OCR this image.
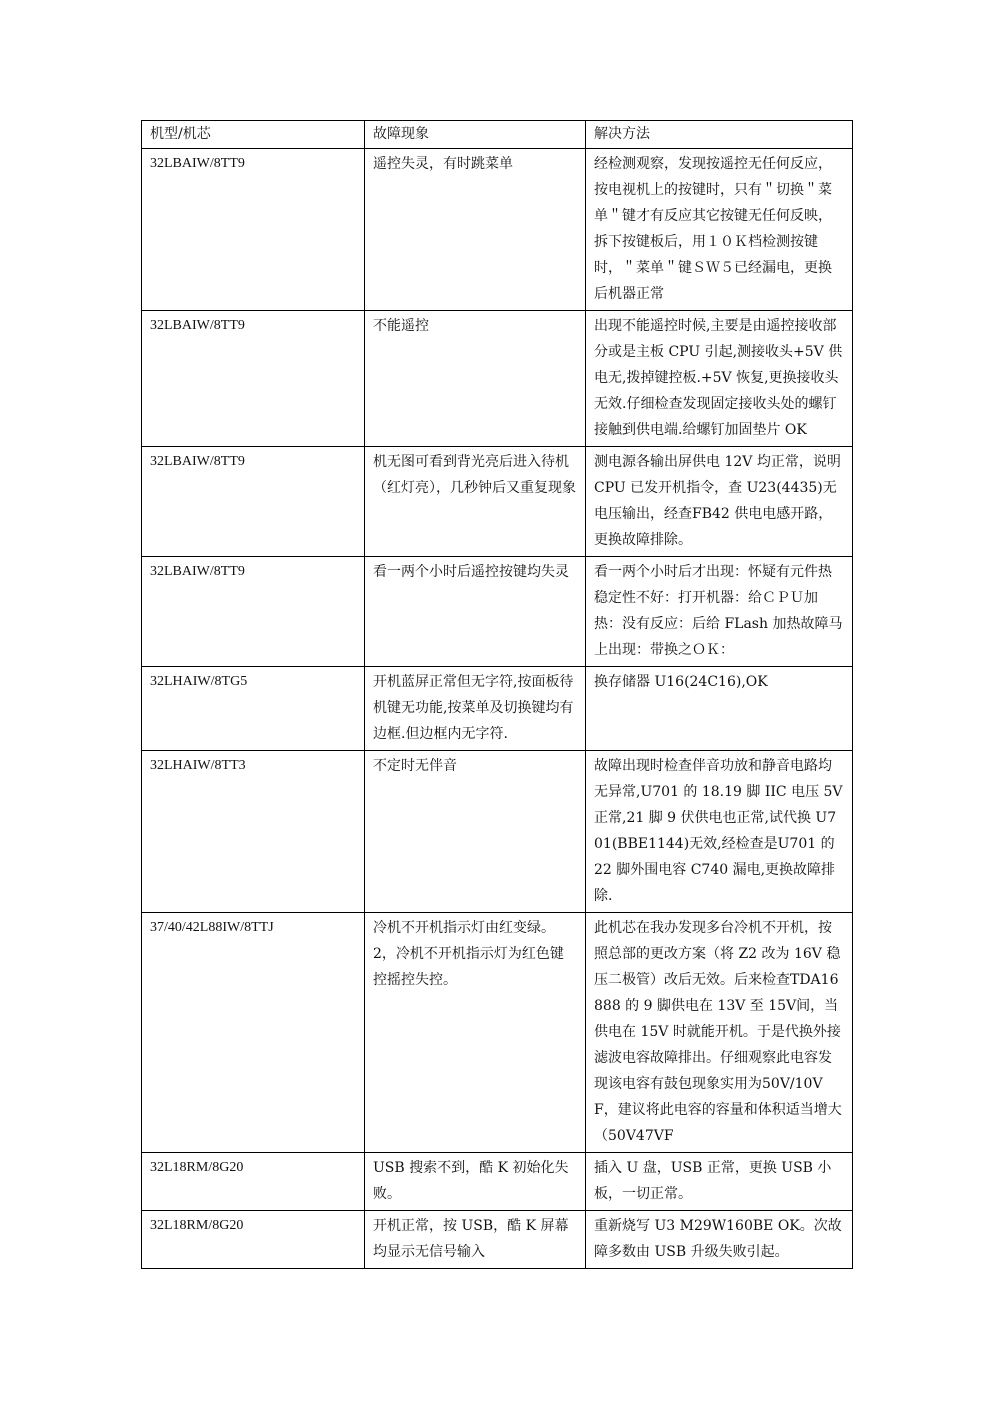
机型/机芯	故障现象	解决方法
32LBAIW/8TT9	遥控失灵，有时跳菜单	经检测观察，发现按遥控无任何反应，按电视机上的按键时，只有＂切换＂菜单＂键才有反应其它按键无任何反映，拆下按键板后，用１０Ｋ档检测按键时，＂菜单＂键ＳＷ５已经漏电，更换后机器正常
32LBAIW/8TT9	不能遥控	出现不能遥控时候,主要是由遥控接收部分或是主板 CPU 引起,测接收头+5V 供电无,拨掉键控板.+5V 恢复,更换接收头无效.仔细检查发现固定接收头处的螺钉接触到供电端.给螺钉加固垫片 OK
32LBAIW/8TT9	机无图可看到背光亮后进入待机（红灯亮），几秒钟后又重复现象	测电源各输出屏供电 12V 均正常，说明 CPU 已发开机指令，查 U23(4435)无电压输出，经查FB42 供电电感开路，更换故障排除。
32LBAIW/8TT9	看一两个小时后遥控按键均失灵	看一两个小时后才出现：怀疑有元件热稳定性不好：打开机器：给ＣＰＵ加热：没有反应：后给 FLash 加热故障马上出现：带换之ＯＫ：
32LHAIW/8TG5	开机蓝屏正常但无字符,按面板待机键无功能,按菜单及切换键均有边框.但边框内无字符.	换存储器 U16(24C16),OK
32LHAIW/8TT3	不定时无伴音	故障出现时检查伴音功放和静音电路均无异常,U701 的 18.19 脚 IIC 电压 5V 正常,21 脚 9 伏供电也正常,试代换 U701(BBE1144)无效,经检查是U701 的 22 脚外围电容 C740 漏电,更换故障排除.
37/40/42L88IW/8TTJ	冷机不开机指示灯由红变绿。2，冷机不开机指示灯为红色键控摇控失控。	此机芯在我办发现多台冷机不开机，按照总部的更改方案（将 Z2 改为 16V 稳压二极管）改后无效。后来检查TDA16888 的 9 脚供电在 13V 至 15V间，当供电在 15V 时就能开机。于是代换外接滤波电容故障排出。仔细观察此电容发现该电容有鼓包现象实用为50V/10VF，建议将此电容的容量和体积适当增大（50V47VF
32L18RM/8G20	USB 搜索不到，酷 K 初始化失败。	插入 U 盘，USB 正常，更换 USB 小板，一切正常。
32L18RM/8G20	开机正常，按 USB，酷 K 屏幕均显示无信号输入	重新烧写 U3 M29W160BE OK。次故障多数由 USB 升级失败引起。
